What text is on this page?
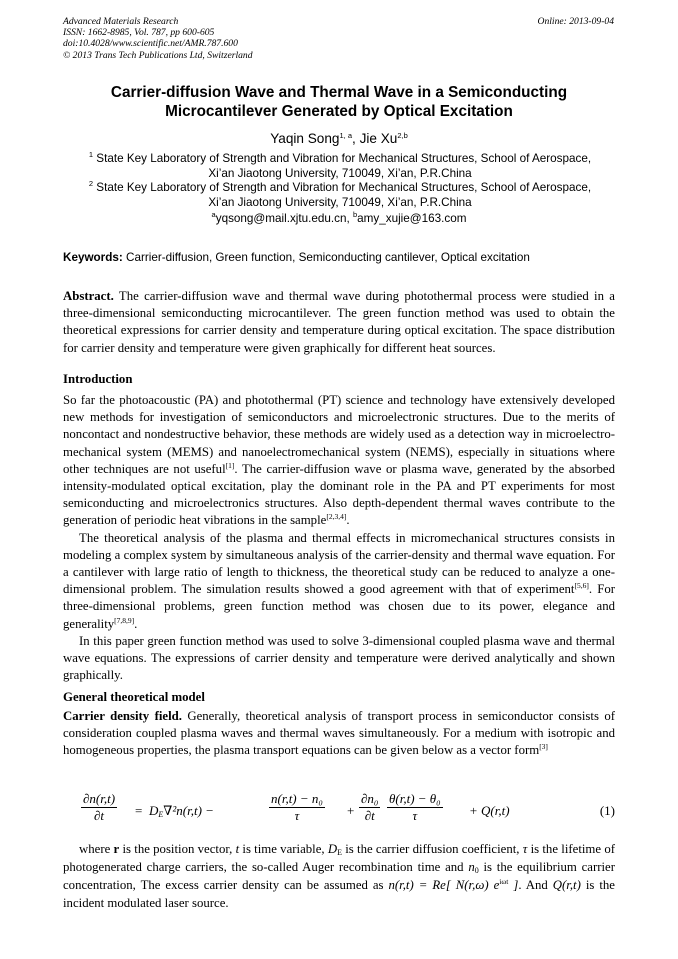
Advanced Materials Research
ISSN: 1662-8985, Vol. 787, pp 600-605
doi:10.4028/www.scientific.net/AMR.787.600
© 2013 Trans Tech Publications Ltd, Switzerland
Online: 2013-09-04
Carrier-diffusion Wave and Thermal Wave in a Semiconducting
Microcantilever Generated by Optical Excitation
Yaqin Song$^{1, a}$, Jie Xu$^{2,b}$
$^1$ State Key Laboratory of Strength and Vibration for Mechanical Structures, School of Aerospace,
Xi’an Jiaotong University, 710049, Xi’an, P.R.China
$^2$ State Key Laboratory of Strength and Vibration for Mechanical Structures, School of Aerospace,
Xi’an Jiaotong University, 710049, Xi’an, P.R.China
$^a$yqsong@mail.xjtu.edu.cn, $^b$amy_xujie@163.com
Keywords: Carrier-diffusion, Green function, Semiconducting cantilever, Optical excitation
Abstract. The carrier-diffusion wave and thermal wave during photothermal process were studied in a three-dimensional semiconducting microcantilever. The green function method was used to obtain the theoretical expressions for carrier density and temperature during optical excitation. The space distribution for carrier density and temperature were given graphically for different heat sources.
Introduction
So far the photoacoustic (PA) and photothermal (PT) science and technology have extensively developed new methods for investigation of semiconductors and microelectronic structures. Due to the merits of noncontact and nondestructive behavior, these methods are widely used as a detection way in microelectro- mechanical system (MEMS) and nanoelectromechanical system (NEMS), especially in situations where other techniques are not useful[1]. The carrier-diffusion wave or plasma wave, generated by the absorbed intensity-modulated optical excitation, play the dominant role in the PA and PT experiments for most semiconducting and microelectronics structures. Also depth-dependent thermal waves contribute to the generation of periodic heat vibrations in the sample[2,3,4].
The theoretical analysis of the plasma and thermal effects in micromechanical structures consists in modeling a complex system by simultaneous analysis of the carrier-density and thermal wave equation. For a cantilever with large ratio of length to thickness, the theoretical study can be reduced to analyze a one-dimensional problem. The simulation results showed a good agreement with that of experiment[5,6]. For three-dimensional problems, green function method was chosen due to its power, elegance and generality[7,8,9].
In this paper green function method was used to solve 3-dimensional coupled plasma wave and thermal wave equations. The expressions of carrier density and temperature were derived analytically and shown graphically.
General theoretical model
Carrier density field. Generally, theoretical analysis of transport process in semiconductor consists of consideration coupled plasma waves and thermal waves simultaneously. For a medium with isotropic and homogeneous properties, the plasma transport equations can be given below as a vector form[3]
$\frac{\partial n(r,t)}{\partial t} = D_E\nabla^2n(r,t)$ −	$\frac{\text{n(r,t) − n₀}}{\tau} + \frac{\text{∂n₀}}{\partial t} \frac{\text{θ(r,t) − θ₀}}{\tau} + Q(r,t)$	(1)
where r is the position vector, t is time variable, $D_E$ is the carrier diffusion coefficient, τ is the lifetime of photogenerated charge carriers, the so-called Auger recombination time and $n_0$ is the equilibrium carrier concentration, The excess carrier density can be assumed as n(r,t) = Re[ N(r,ω) $e^{i\omega t}$ ]. And Q(r,t) is the incident modulated laser source.
